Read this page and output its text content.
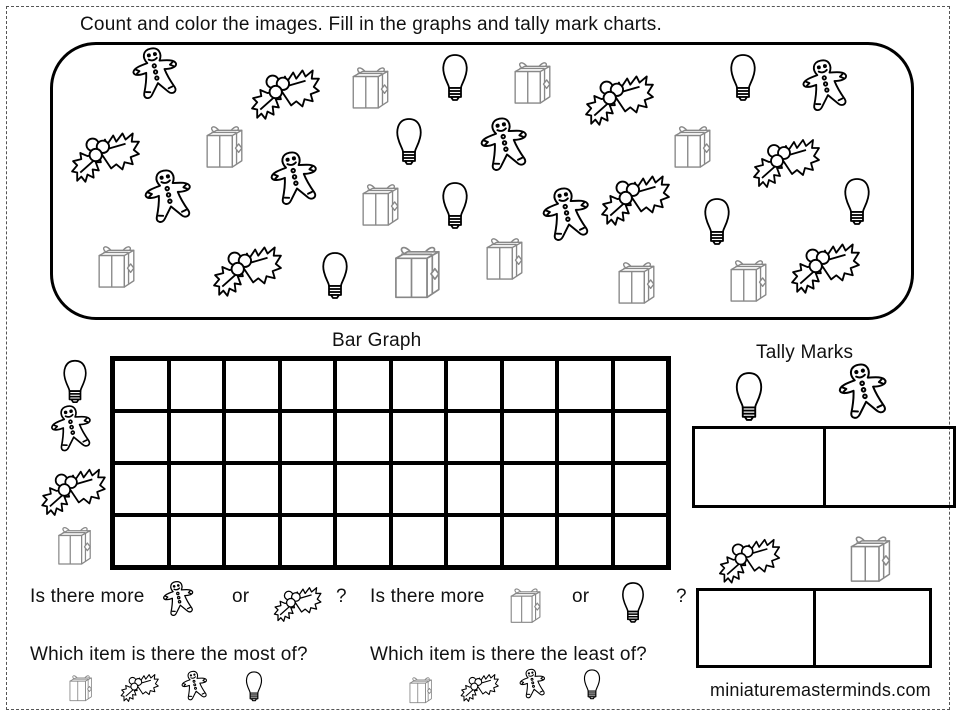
Count and color the images. Fill in the graphs and tally mark charts.
Bar Graph
Tally Marks
Is there more	or	? Is there more	or	?
Which item is there the most of?	Which item is there the least of?
miniaturemasterminds.com
